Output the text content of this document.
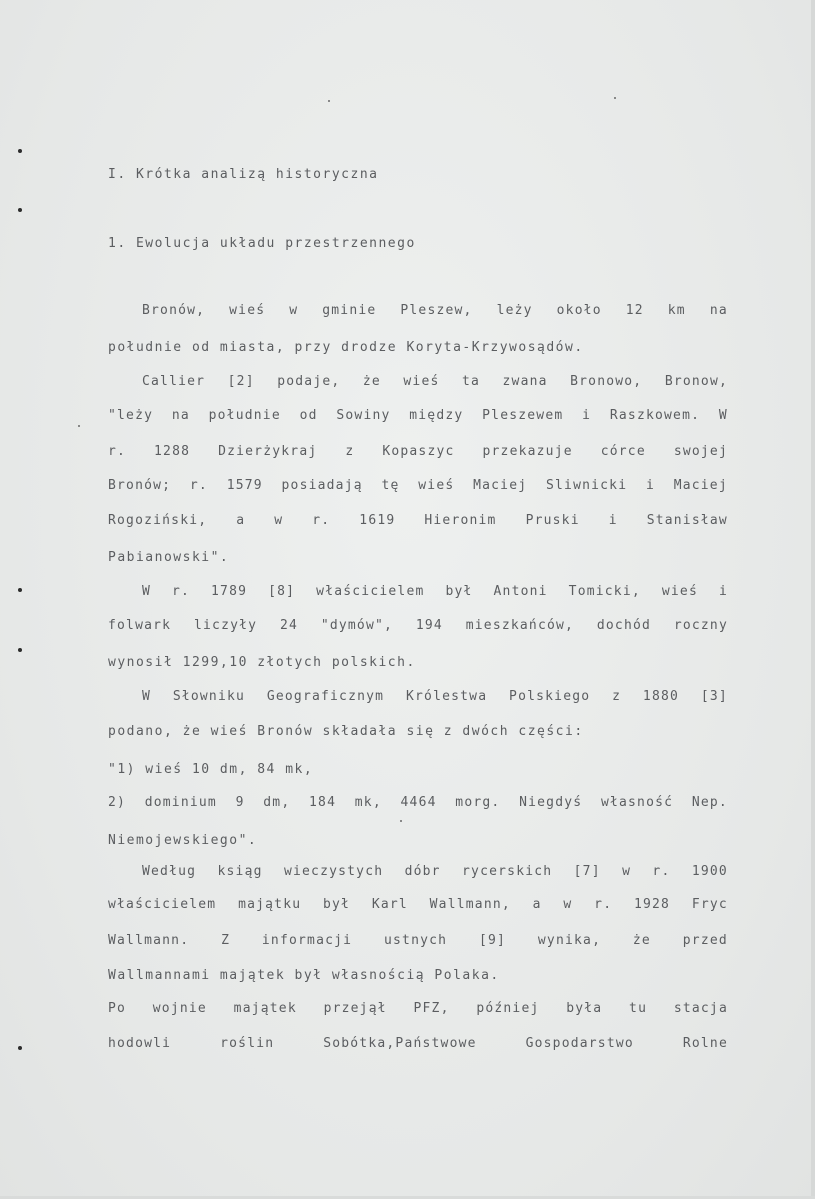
I. Krótka analizą historyczna
1. Ewolucja układu przestrzennego
Bronów, wieś w gminie Pleszew, leży około 12 km na
południe od miasta, przy drodze Koryta-Krzywosądów.
Callier [2] podaje, że wieś ta zwana Bronowo, Bronow,
"leży na południe od Sowiny między Pleszewem i Raszkowem. W
r. 1288 Dzierżykraj z Kopaszyc przekazuje córce swojej
Bronów; r. 1579 posiadają tę wieś Maciej Sliwnicki i Maciej
Rogoziński, a w r. 1619 Hieronim Pruski i Stanisław
Pabianowski".
W r. 1789 [8] właścicielem był Antoni Tomicki, wieś i
folwark liczyły 24 "dymów", 194 mieszkańców, dochód roczny
wynosił 1299,10 złotych polskich.
W Słowniku Geograficznym Królestwa Polskiego z 1880 [3]
podano, że wieś Bronów składała się z dwóch części:
"1) wieś 10 dm, 84 mk,
2) dominium 9 dm, 184 mk, 4464 morg. Niegdyś własność Nep.
Niemojewskiego".
Według ksiąg wieczystych dóbr rycerskich [7] w r. 1900
właścicielem majątku był Karl Wallmann, a w r. 1928 Fryc
Wallmann. Z informacji ustnych [9] wynika, że przed
Wallmannami majątek był własnością Polaka.
Po wojnie majątek przejął PFZ, później była tu stacja
hodowli	roślin	Sobótka,Państwowe	Gospodarstwo	Rolne
